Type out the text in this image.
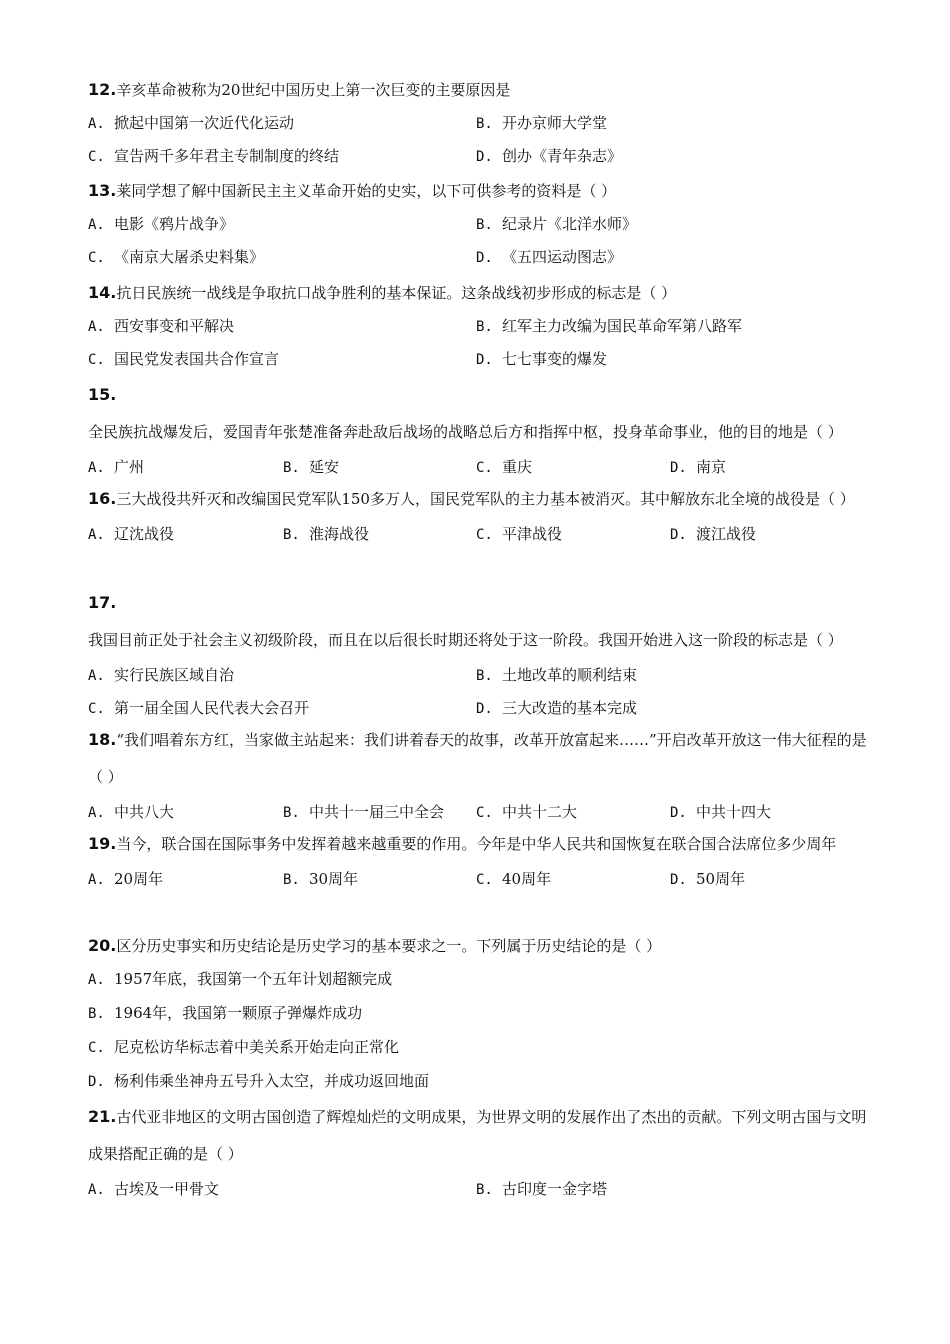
12.辛亥革命被称为20世纪中国历史上第一次巨变的主要原因是
A. 掀起中国第一次近代化运动	B. 开办京师大学堂
C. 宣告两千多年君主专制制度的终结	D. 创办《青年杂志》
13.莱同学想了解中国新民主主义革命开始的史实，以下可供参考的资料是（ ）
A. 电影《鸦片战争》	B. 纪录片《北洋水师》
C. 《南京大屠杀史料集》	D. 《五四运动图志》
14.抗日民族统一战线是争取抗口战争胜利的基本保证。这条战线初步形成的标志是（ ）
A. 西安事变和平解决	B. 红军主力改编为国民革命军第八路军
C. 国民党发表国共合作宣言	D. 七七事变的爆发
15.全民族抗战爆发后，爱国青年张楚准备奔赴敌后战场的战略总后方和指挥中枢，投身革命事业，他的目的地是（ ）
A. 广州	B. 延安	C. 重庆	D. 南京
16.三大战役共歼灭和改编国民党军队150多万人，国民党军队的主力基本被消灭。其中解放东北全境的战役是（ ）
A. 辽沈战役	B. 淮海战役	C. 平津战役	D. 渡江战役
17.我国目前正处于社会主义初级阶段，而且在以后很长时期还将处于这一阶段。我国开始进入这一阶段的标志是（ ）
A. 实行民族区域自治	B. 土地改革的顺利结束
C. 第一届全国人民代表大会召开	D. 三大改造的基本完成
18.“我们唱着东方红，当家做主站起来：我们讲着春天的故事，改革开放富起来……”开启改革开放这一伟大征程的是（ ）
A. 中共八大	B. 中共十一届三中全会 C. 中共十二大	D. 中共十四大
19.当今，联合国在国际事务中发挥着越来越重要的作用。今年是中华人民共和国恢复在联合国合法席位多少周年
A. 20周年	B. 30周年	C. 40周年	D. 50周年
20.区分历史事实和历史结论是历史学习的基本要求之一。下列属于历史结论的是（ ）
A. 1957年底，我国第一个五年计划超额完成
B. 1964年，我国第一颗原子弹爆炸成功
C. 尼克松访华标志着中美关系开始走向正常化
D. 杨利伟乘坐神舟五号升入太空，并成功返回地面
21.古代亚非地区的文明古国创造了辉煌灿烂的文明成果，为世界文明的发展作出了杰出的贡献。下列文明古国与文明成果搭配正确的是（ ）
A. 古埃及一甲骨文	B. 古印度一金字塔
